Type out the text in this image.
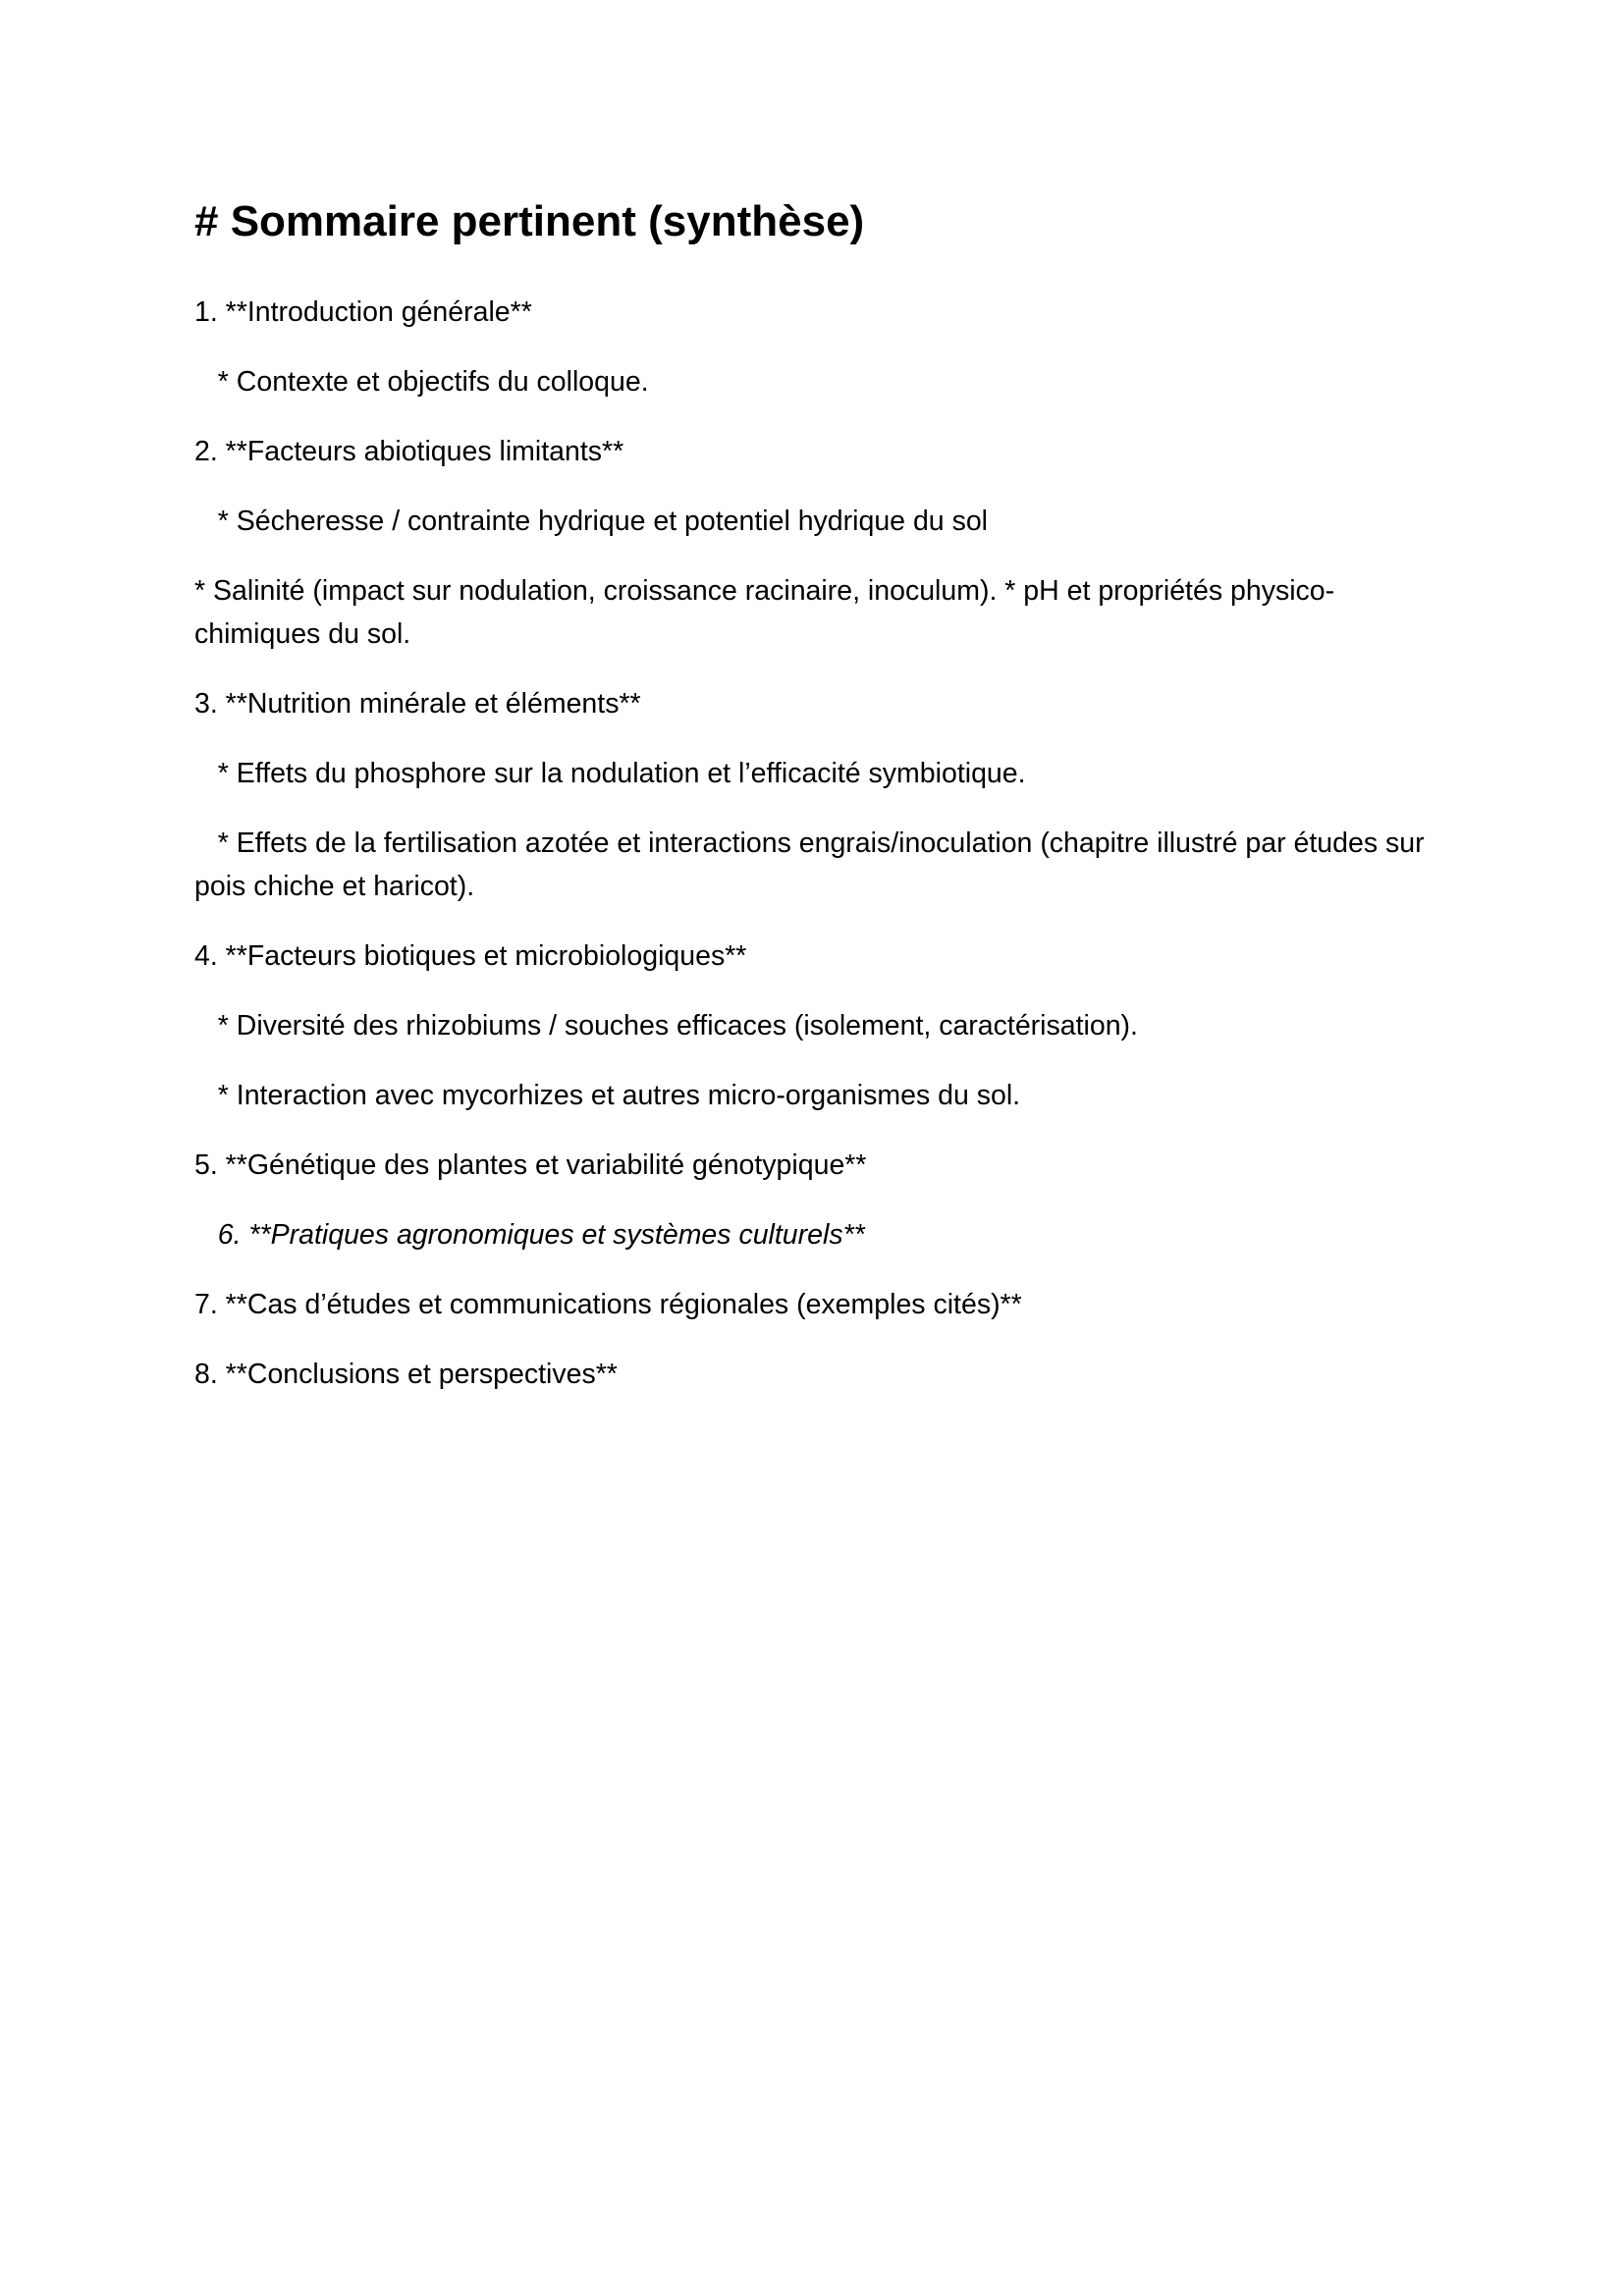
# Sommaire pertinent (synthèse)

1. **Introduction générale**

* Contexte et objectifs du colloque.

2. **Facteurs abiotiques limitants**

* Sécheresse / contrainte hydrique et potentiel hydrique du sol

* Salinité (impact sur nodulation, croissance racinaire, inoculum). * pH et propriétés physico-chimiques du sol.

3. **Nutrition minérale et éléments**

* Effets du phosphore sur la nodulation et l’efficacité symbiotique.

* Effets de la fertilisation azotée et interactions engrais/inoculation (chapitre illustré par études sur pois chiche et haricot).

4. **Facteurs biotiques et microbiologiques**

* Diversité des rhizobiums / souches efficaces (isolement, caractérisation).

* Interaction avec mycorhizes et autres micro-organismes du sol.

5. **Génétique des plantes et variabilité génotypique**

6. **Pratiques agronomiques et systèmes culturels**

7. **Cas d’études et communications régionales (exemples cités)**

8. **Conclusions et perspectives**
